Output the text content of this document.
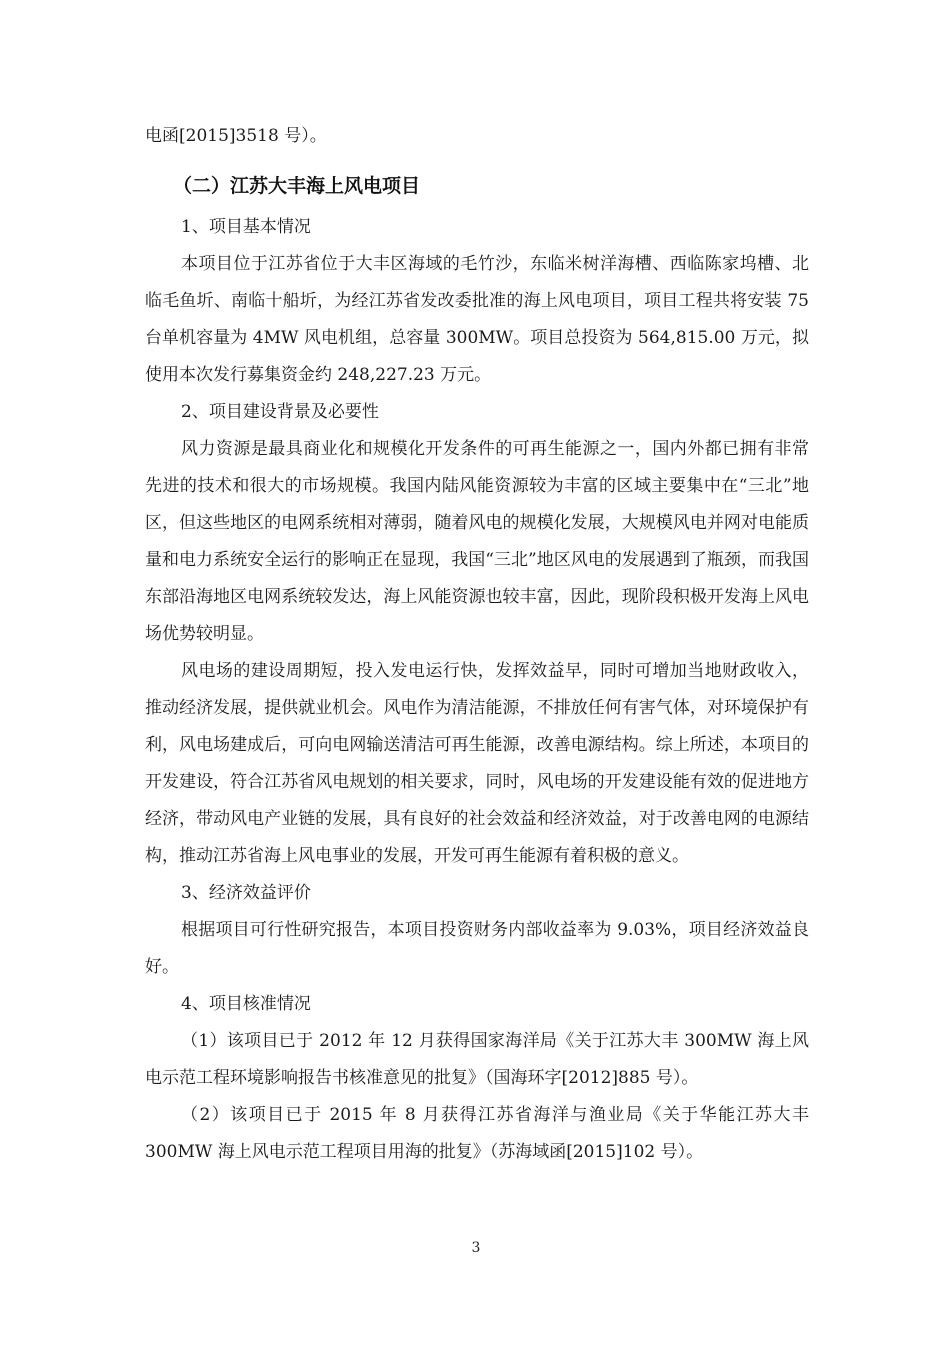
电函[2015]3518 号）。

（二）江苏大丰海上风电项目

1、项目基本情况

本项目位于江苏省位于大丰区海域的毛竹沙，东临米树洋海槽、西临陈家坞槽、北临毛鱼圻、南临十船圻，为经江苏省发改委批准的海上风电项目，项目工程共将安装 75 台单机容量为 4MW 风电机组，总容量 300MW。项目总投资为 564,815.00 万元，拟使用本次发行募集资金约 248,227.23 万元。

2、项目建设背景及必要性

风力资源是最具商业化和规模化开发条件的可再生能源之一，国内外都已拥有非常先进的技术和很大的市场规模。我国内陆风能资源较为丰富的区域主要集中在“三北”地区，但这些地区的电网系统相对薄弱，随着风电的规模化发展，大规模风电并网对电能质量和电力系统安全运行的影响正在显现，我国“三北”地区风电的发展遇到了瓶颈，而我国东部沿海地区电网系统较发达，海上风能资源也较丰富，因此，现阶段积极开发海上风电场优势较明显。

风电场的建设周期短，投入发电运行快，发挥效益早，同时可增加当地财政收入，推动经济发展，提供就业机会。风电作为清洁能源，不排放任何有害气体，对环境保护有利，风电场建成后，可向电网输送清洁可再生能源，改善电源结构。综上所述，本项目的开发建设，符合江苏省风电规划的相关要求，同时，风电场的开发建设能有效的促进地方经济，带动风电产业链的发展，具有良好的社会效益和经济效益，对于改善电网的电源结构，推动江苏省海上风电事业的发展，开发可再生能源有着积极的意义。

3、经济效益评价

根据项目可行性研究报告，本项目投资财务内部收益率为 9.03%，项目经济效益良好。

4、项目核准情况

（1）该项目已于 2012 年 12 月获得国家海洋局《关于江苏大丰 300MW 海上风电示范工程环境影响报告书核准意见的批复》（国海环字[2012]885 号）。

（2）该项目已于 2015 年 8 月获得江苏省海洋与渔业局《关于华能江苏大丰 300MW 海上风电示范工程项目用海的批复》（苏海域函[2015]102 号）。

3
